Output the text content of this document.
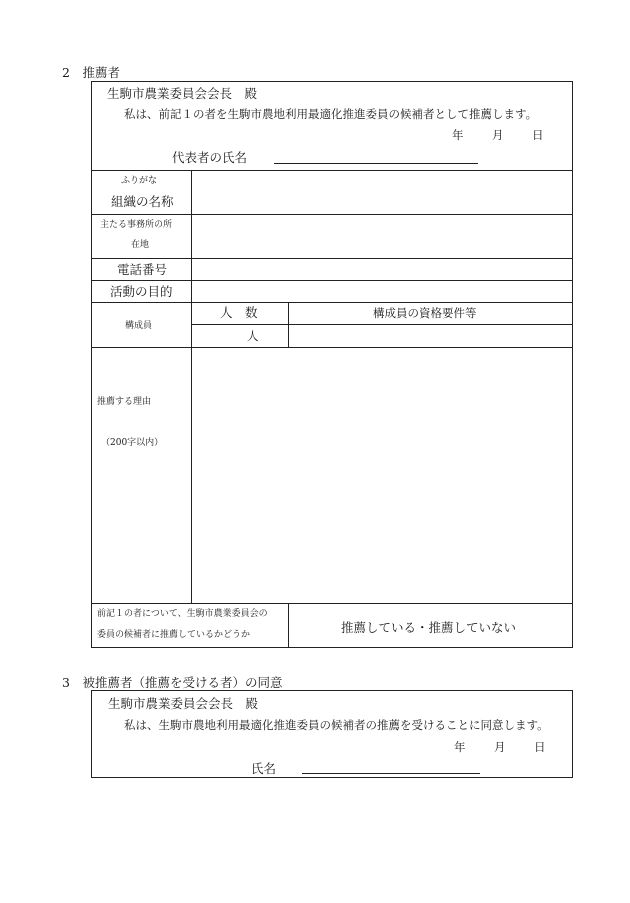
2　推薦者
生駒市農業委員会会長　殿
私は、前記１の者を生駒市農地利用最適化推進委員の候補者として推薦します。
年 月 日
代表者の氏名
ふりがな
組織の名称
主たる事務所の所
在地
電話番号
活動の目的
構成員
人　数	構成員の資格要件等
人
推薦する理由
（200字以内）
前記１の者について、生駒市農業委員会の
委員の候補者に推薦しているかどうか	推薦している・推薦していない
3　被推薦者（推薦を受ける者）の同意
生駒市農業委員会会長　殿
私は、生駒市農地利用最適化推進委員の候補者の推薦を受けることに同意します。
年 月 日
氏名
